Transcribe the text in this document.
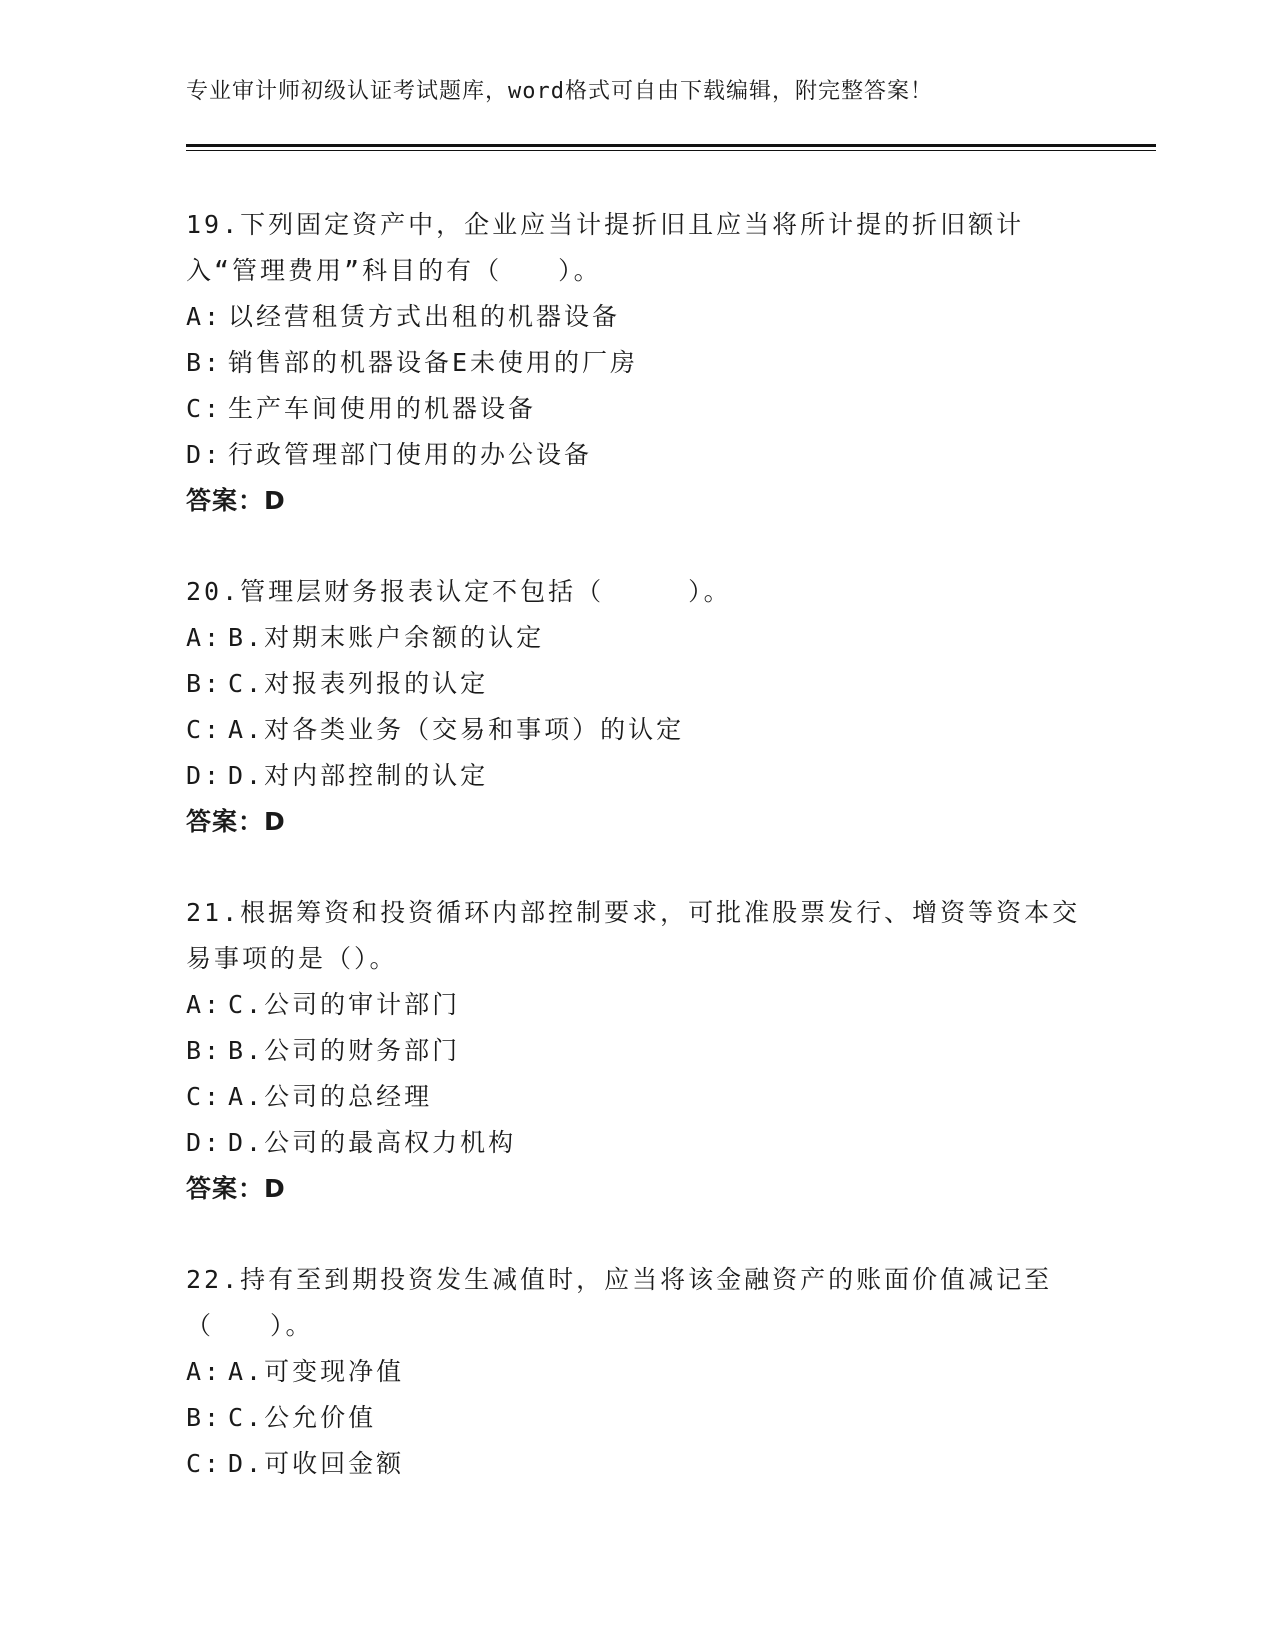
专业审计师初级认证考试题库，word格式可自由下载编辑，附完整答案！

19.下列固定资产中，企业应当计提折旧且应当将所计提的折旧额计入“管理费用”科目的有（　　）。

A: 以经营租赁方式出租的机器设备

B: 销售部的机器设备E未使用的厂房

C: 生产车间使用的机器设备

D: 行政管理部门使用的办公设备

答案：D

20.管理层财务报表认定不包括（　　　）。

A: B.对期末账户余额的认定

B: C.对报表列报的认定

C: A.对各类业务（交易和事项）的认定

D: D.对内部控制的认定

答案：D

21.根据筹资和投资循环内部控制要求，可批准股票发行、增资等资本交易事项的是（）。

A: C.公司的审计部门

B: B.公司的财务部门

C: A.公司的总经理

D: D.公司的最高权力机构

答案：D

22.持有至到期投资发生减值时，应当将该金融资产的账面价值减记至（　　）。

A: A.可变现净值

B: C.公允价值

C: D.可收回金额
